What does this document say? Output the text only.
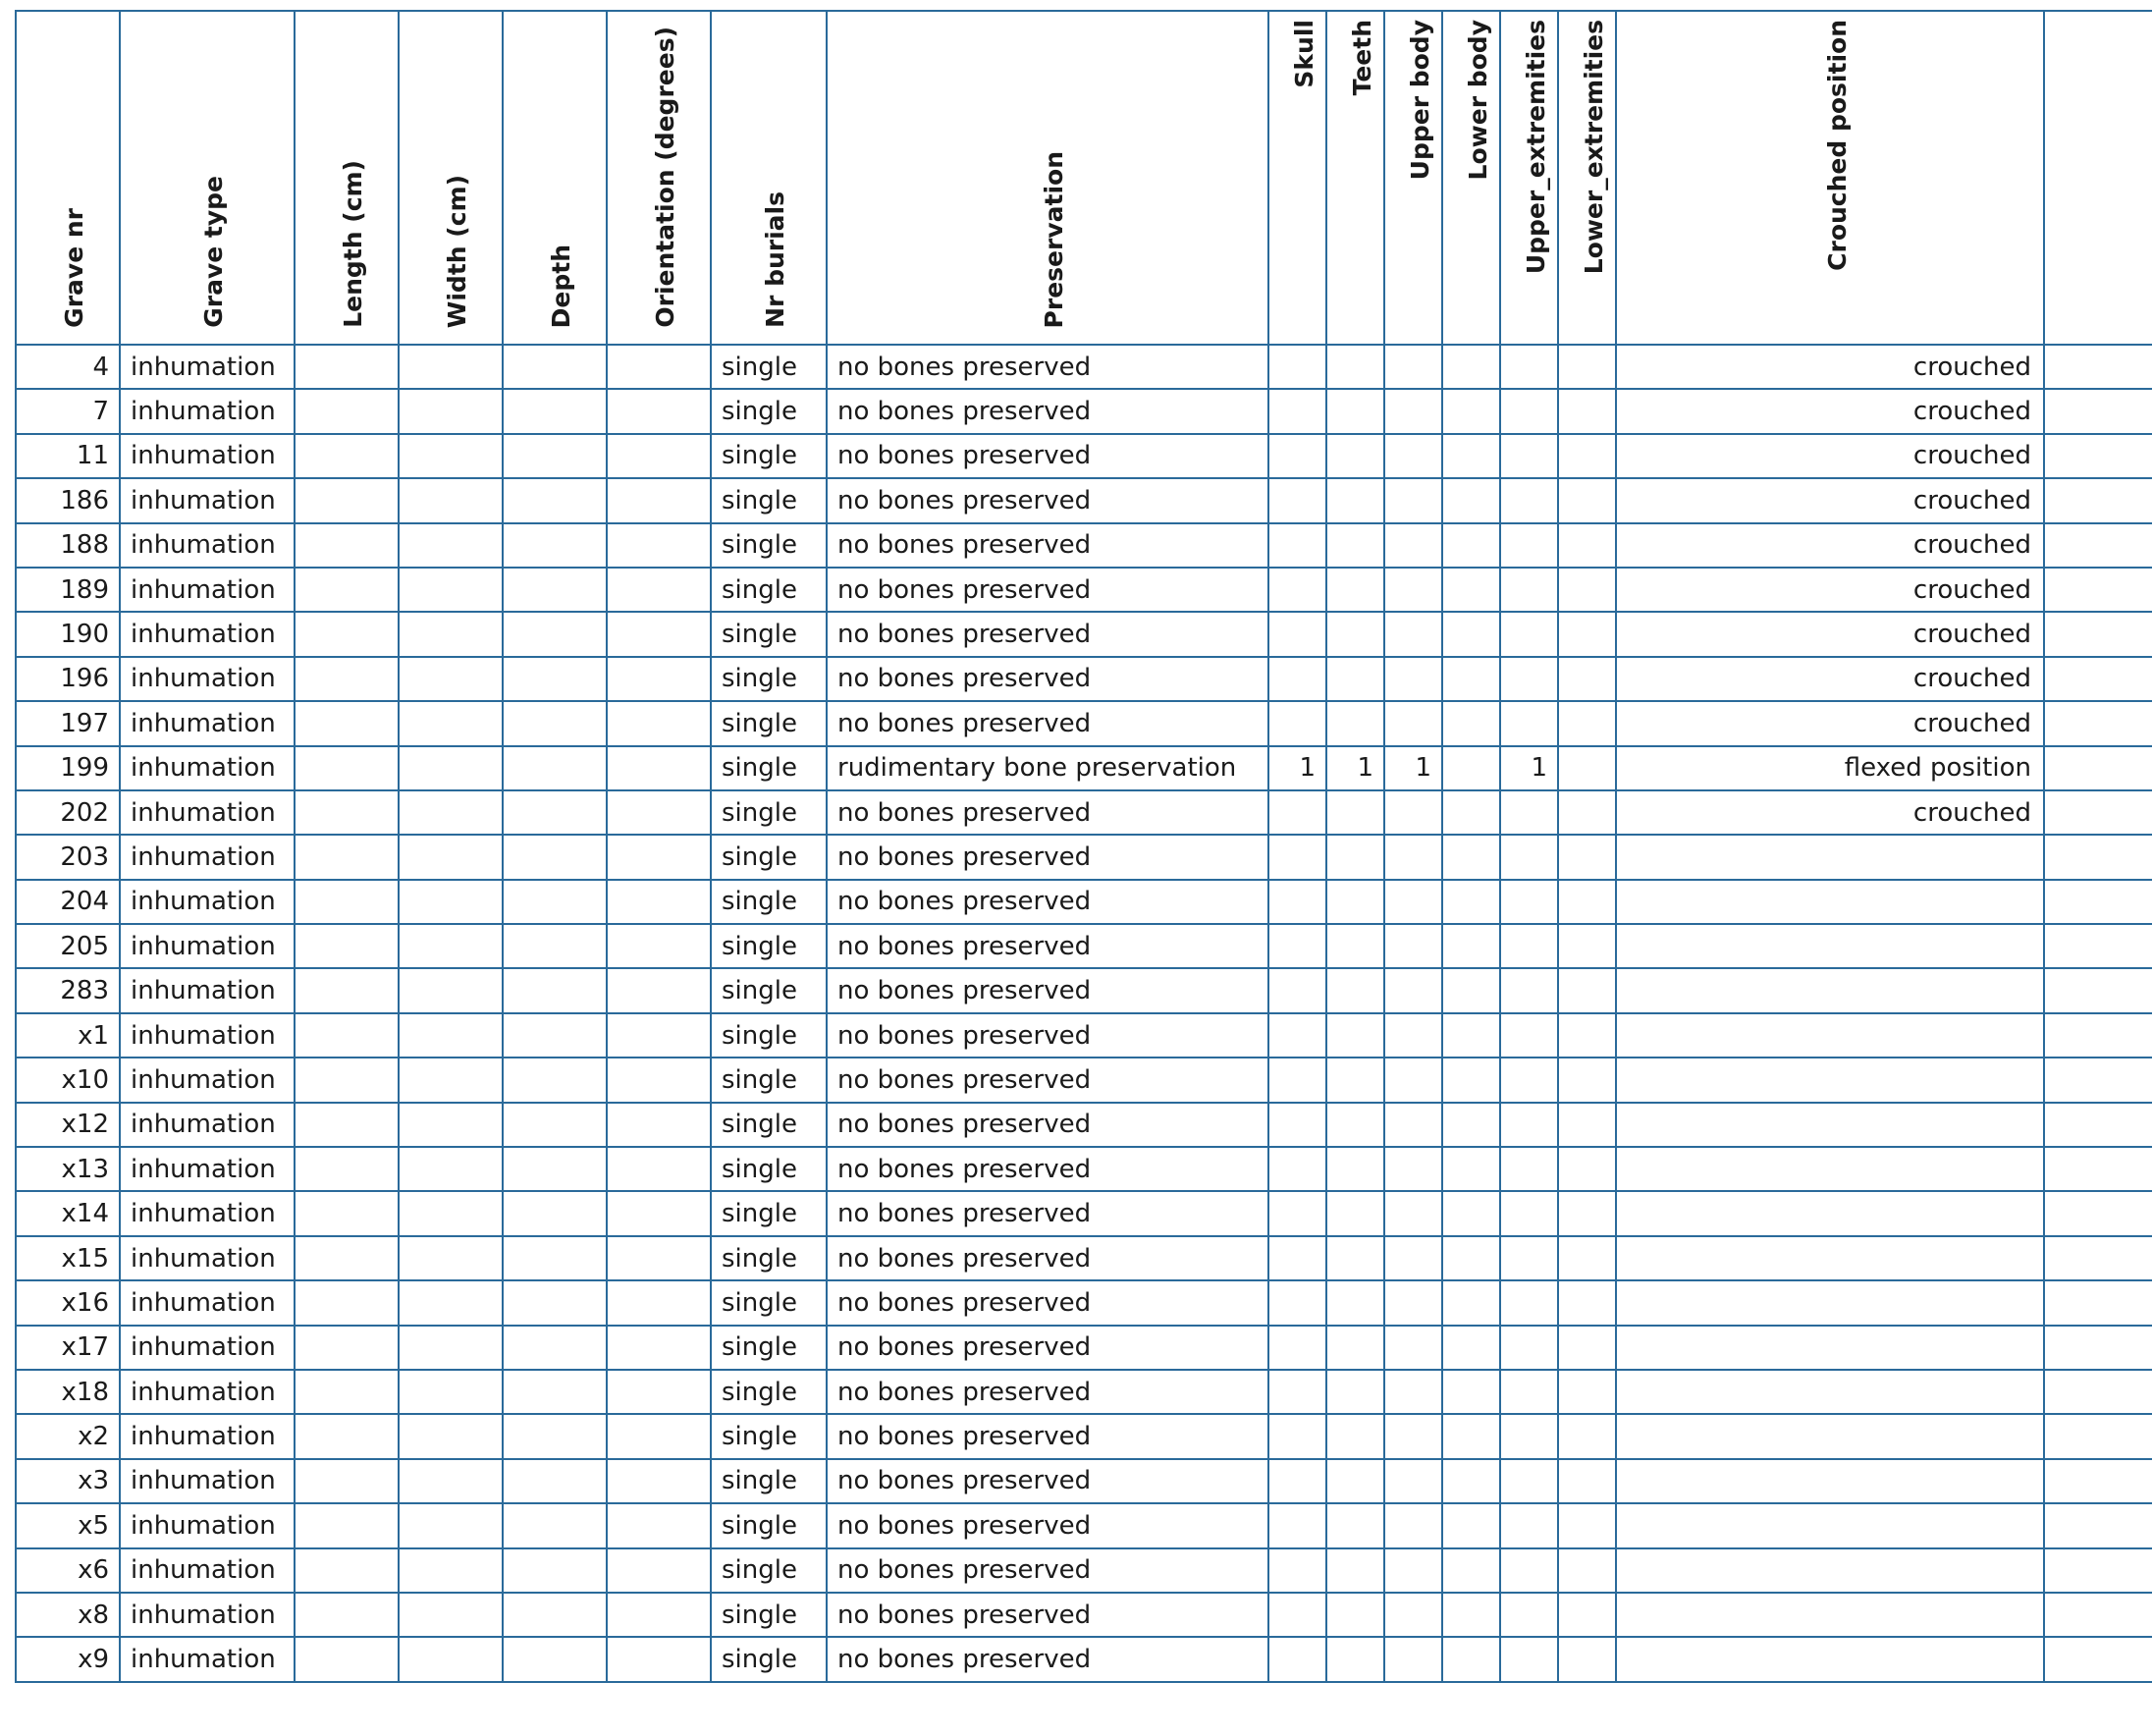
Grave nr	Grave type	Length (cm)	Width (cm)	Depth	Orientation (degrees)	Nr burials	Preservation	Skull	Teeth	Upper body	Lower body	Upper_extremities	Lower_extremities	Crouched position	
4	inhumation					single	no bones preserved							crouched	
7	inhumation					single	no bones preserved							crouched	
11	inhumation					single	no bones preserved							crouched	
186	inhumation					single	no bones preserved							crouched	
188	inhumation					single	no bones preserved							crouched	
189	inhumation					single	no bones preserved							crouched	
190	inhumation					single	no bones preserved							crouched	
196	inhumation					single	no bones preserved							crouched	
197	inhumation					single	no bones preserved							crouched	
199	inhumation					single	rudimentary bone preservation	1	1	1		1		flexed position	
202	inhumation					single	no bones preserved							crouched	
203	inhumation					single	no bones preserved								
204	inhumation					single	no bones preserved								
205	inhumation					single	no bones preserved								
283	inhumation					single	no bones preserved								
x1	inhumation					single	no bones preserved								
x10	inhumation					single	no bones preserved								
x12	inhumation					single	no bones preserved								
x13	inhumation					single	no bones preserved								
x14	inhumation					single	no bones preserved								
x15	inhumation					single	no bones preserved								
x16	inhumation					single	no bones preserved								
x17	inhumation					single	no bones preserved								
x18	inhumation					single	no bones preserved								
x2	inhumation					single	no bones preserved								
x3	inhumation					single	no bones preserved								
x5	inhumation					single	no bones preserved								
x6	inhumation					single	no bones preserved								
x8	inhumation					single	no bones preserved								
x9	inhumation					single	no bones preserved								
